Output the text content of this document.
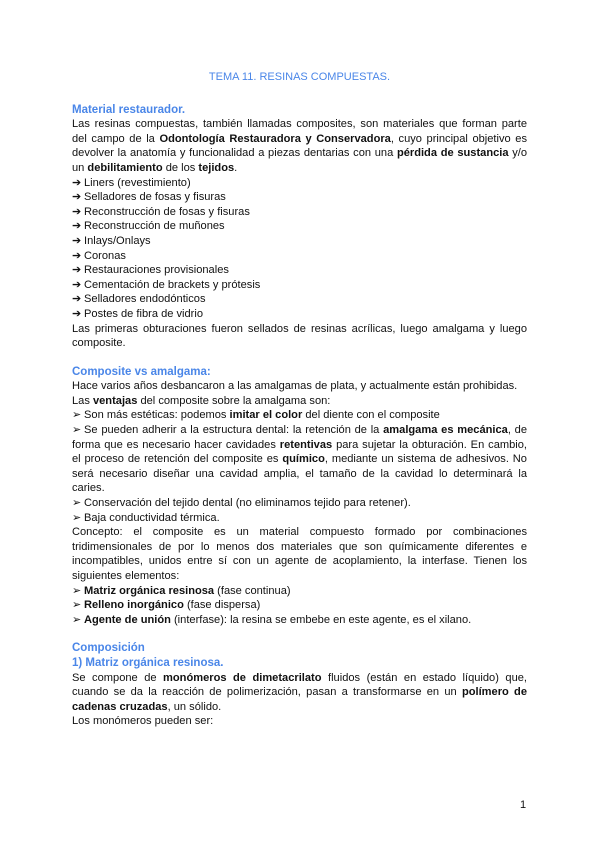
TEMA 11. RESINAS COMPUESTAS.

Material restaurador.

Las resinas compuestas, también llamadas composites, son materiales que forman parte del campo de la Odontología Restauradora y Conservadora, cuyo principal objetivo es devolver la anatomía y funcionalidad a piezas dentarias con una pérdida de sustancia y/o un debilitamiento de los tejidos.

➔ Liners (revestimiento)

➔ Selladores de fosas y fisuras

➔ Reconstrucción de fosas y fisuras

➔ Reconstrucción de muñones

➔ Inlays/Onlays

➔ Coronas

➔ Restauraciones provisionales

➔ Cementación de brackets y prótesis

➔ Selladores endodónticos

➔ Postes de fibra de vidrio

Las primeras obturaciones fueron sellados de resinas acrílicas, luego amalgama y luego composite.

Composite vs amalgama:

Hace varios años desbancaron a las amalgamas de plata, y actualmente están prohibidas.

Las ventajas del composite sobre la amalgama son:

➢ Son más estéticas: podemos imitar el color del diente con el composite

➢ Se pueden adherir a la estructura dental: la retención de la amalgama es mecánica, de forma que es necesario hacer cavidades retentivas para sujetar la obturación. En cambio, el proceso de retención del composite es químico, mediante un sistema de adhesivos. No será necesario diseñar una cavidad amplia, el tamaño de la cavidad lo determinará la caries.

➢ Conservación del tejido dental (no eliminamos tejido para retener).

➢ Baja conductividad térmica.

Concepto: el composite es un material compuesto formado por combinaciones tridimensionales de por lo menos dos materiales que son químicamente diferentes e incompatibles, unidos entre sí con un agente de acoplamiento, la interfase. Tienen los siguientes elementos:

➢ Matriz orgánica resinosa (fase continua)

➢ Relleno inorgánico (fase dispersa)

➢ Agente de unión (interfase): la resina se embebe en este agente, es el xilano.

Composición

1) Matriz orgánica resinosa.

Se compone de monómeros de dimetacrilato fluidos (están en estado líquido) que, cuando se da la reacción de polimerización, pasan a transformarse en un polímero de cadenas cruzadas, un sólido.

Los monómeros pueden ser:

1
